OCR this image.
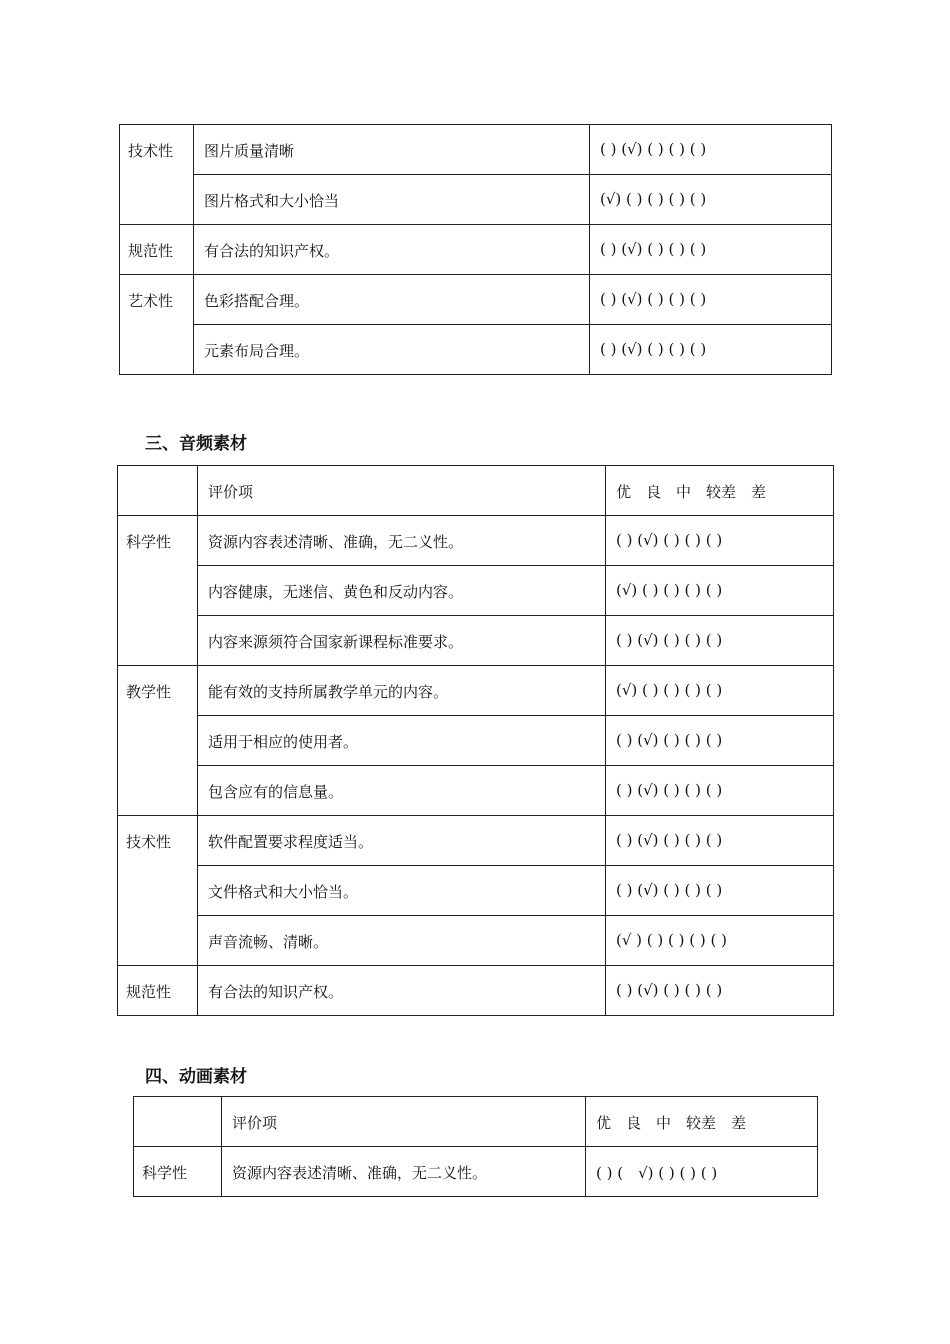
技术性	图片质量清晰	( ) (√) ( ) ( ) ( )
	图片格式和大小恰当	(√) ( ) ( ) ( ) ( )
规范性	有合法的知识产权。	( ) (√) ( ) ( ) ( )
艺术性	色彩搭配合理。	( ) (√) ( ) ( ) ( )
	元素布局合理。	( ) (√) ( ) ( ) ( )
三、音频素材
	评价项	优　良　中　较差　差
科学性	资源内容表述清晰、准确，无二义性。	( ) (√) ( ) ( ) ( )
	内容健康，无迷信、黄色和反动内容。	(√) ( ) ( ) ( ) ( )
	内容来源须符合国家新课程标准要求。	( ) (√) ( ) ( ) ( )
教学性	能有效的支持所属教学单元的内容。	(√) ( ) ( ) ( ) ( )
	适用于相应的使用者。	( ) (√) ( ) ( ) ( )
	包含应有的信息量。	( ) (√) ( ) ( ) ( )
技术性	软件配置要求程度适当。	( ) (√) ( ) ( ) ( )
	文件格式和大小恰当。	( ) (√) ( ) ( ) ( )
	声音流畅、清晰。	(√ ) ( ) ( ) ( ) ( )
规范性	有合法的知识产权。	( ) (√) ( ) ( ) ( )
四、动画素材
	评价项	优　良　中　较差　差
科学性	资源内容表述清晰、准确，无二义性。	( ) (　√) ( ) ( ) ( )
